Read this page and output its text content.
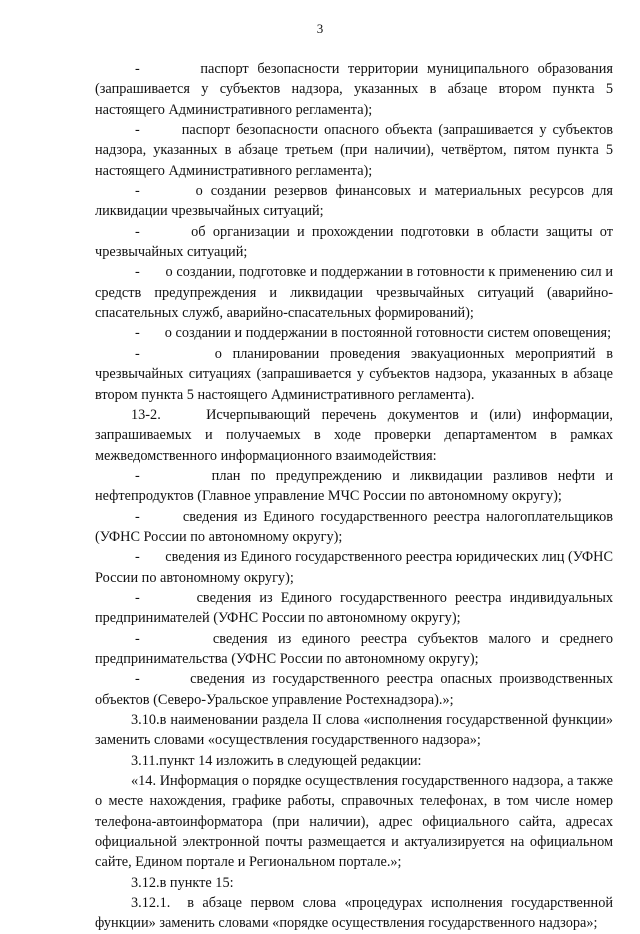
3

-       паспорт безопасности территории муниципального образования (запрашивается у субъектов надзора, указанных в абзаце втором пункта 5 настоящего Административного регламента);

-       паспорт безопасности опасного объекта (запрашивается у субъектов надзора, указанных в абзаце третьем (при наличии), четвёртом, пятом пункта 5 настоящего Административного регламента);

-       о создании резервов финансовых и материальных ресурсов для ликвидации чрезвычайных ситуаций;

-       об организации и прохождении подготовки в области защиты от чрезвычайных ситуаций;

-       о создании, подготовке и поддержании в готовности к применению сил и средств предупреждения и ликвидации чрезвычайных ситуаций (аварийно-спасательных служб, аварийно-спасательных формирований);

-       о создании и поддержании в постоянной готовности систем оповещения;

-       о планировании проведения эвакуационных мероприятий в чрезвычайных ситуациях (запрашивается у субъектов надзора, указанных в абзаце втором пункта 5 настоящего Административного регламента).

13-2.    Исчерпывающий перечень документов и (или) информации, запрашиваемых и получаемых в ходе проверки департаментом в рамках межведомственного информационного взаимодействия:

-       план по предупреждению и ликвидации разливов нефти и нефтепродуктов (Главное управление МЧС России по автономному округу);

-       сведения из Единого государственного реестра налогоплательщиков (УФНС России по автономному округу);

-       сведения из Единого государственного реестра юридических лиц (УФНС России по автономному округу);

-       сведения из Единого государственного реестра индивидуальных предпринимателей (УФНС России по автономному округу);

-       сведения из единого реестра субъектов малого и среднего предпринимательства (УФНС России по автономному округу);

-       сведения из государственного реестра опасных производственных объектов (Северо-Уральское управление Ростехнадзора).»;

3.10.в наименовании раздела II слова «исполнения государственной функции» заменить словами «осуществления государственного надзора»;

3.11.пункт 14 изложить в следующей редакции:

«14. Информация о порядке осуществления государственного надзора, а также о месте нахождения, графике работы, справочных телефонах, в том числе номер телефона-автоинформатора (при наличии), адрес официального сайта, адресах официальной электронной почты размещается и актуализируется на официальном сайте, Едином портале и Региональном портале.»;

3.12.в пункте 15:

3.12.1.  в абзаце первом слова «процедурах исполнения государственной функции» заменить словами «порядке осуществления государственного надзора»;
